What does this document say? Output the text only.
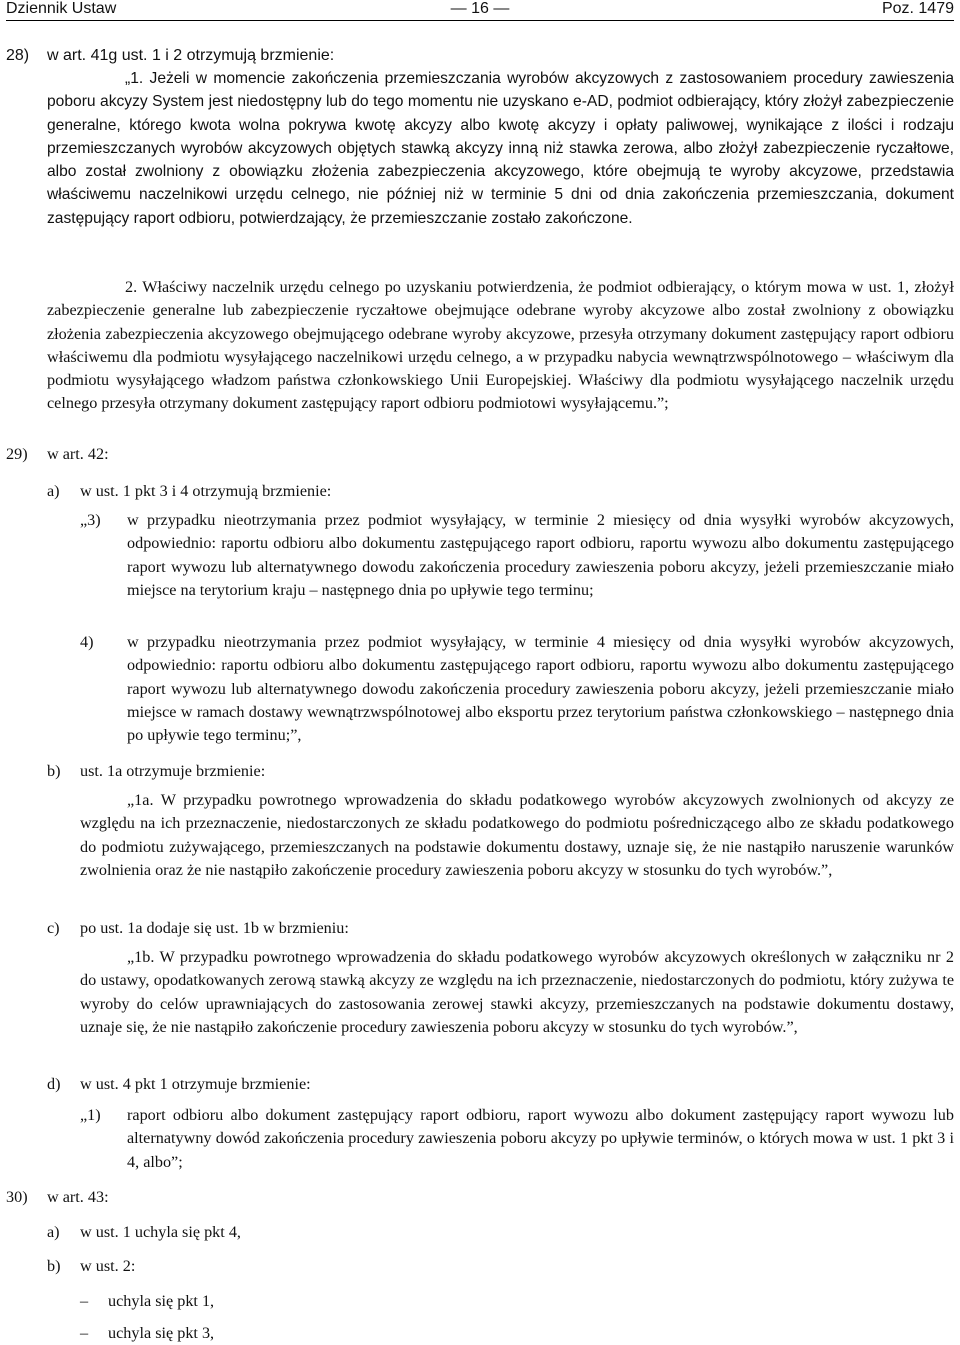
Dziennik Ustaw	— 16 —	Poz. 1479
28) w art. 41g ust. 1 i 2 otrzymują brzmienie:
„1. Jeżeli w momencie zakończenia przemieszczania wyrobów akcyzowych z zastosowaniem procedury zawieszenia poboru akcyzy System jest niedostępny lub do tego momentu nie uzyskano e-AD, podmiot odbierający, który złożył zabezpieczenie generalne, którego kwota wolna pokrywa kwotę akcyzy albo kwotę akcyzy i opłaty paliwowej, wynikające z ilości i rodzaju przemieszczanych wyrobów akcyzowych objętych stawką akcyzy inną niż stawka zerowa, albo złożył zabezpieczenie ryczałtowe, albo został zwolniony z obowiązku złożenia zabezpieczenia akcyzowego, które obejmują te wyroby akcyzowe, przedstawia właściwemu naczelnikowi urzędu celnego, nie później niż w terminie 5 dni od dnia zakończenia przemieszczania, dokument zastępujący raport odbioru, potwierdzający, że przemieszczanie zostało zakończone.
2. Właściwy naczelnik urzędu celnego po uzyskaniu potwierdzenia, że podmiot odbierający, o którym mowa w ust. 1, złożył zabezpieczenie generalne lub zabezpieczenie ryczałtowe obejmujące odebrane wyroby akcyzowe albo został zwolniony z obowiązku złożenia zabezpieczenia akcyzowego obejmującego odebrane wyroby akcyzowe, przesyła otrzymany dokument zastępujący raport odbioru właściwemu dla podmiotu wysyłającego naczelnikowi urzędu celnego, a w przypadku nabycia wewnątrzwspólnotowego – właściwym dla podmiotu wysyłającego władzom państwa członkowskiego Unii Europejskiej. Właściwy dla podmiotu wysyłającego naczelnik urzędu celnego przesyła otrzymany dokument zastępujący raport odbioru podmiotowi wysyłającemu.”;
29) w art. 42:
a) w ust. 1 pkt 3 i 4 otrzymują brzmienie:
„3) w przypadku nieotrzymania przez podmiot wysyłający, w terminie 2 miesięcy od dnia wysyłki wyrobów akcyzowych, odpowiednio: raportu odbioru albo dokumentu zastępującego raport odbioru, raportu wywozu albo dokumentu zastępującego raport wywozu lub alternatywnego dowodu zakończenia procedury zawieszenia poboru akcyzy, jeżeli przemieszczanie miało miejsce na terytorium kraju – następnego dnia po upływie tego terminu;
4) w przypadku nieotrzymania przez podmiot wysyłający, w terminie 4 miesięcy od dnia wysyłki wyrobów akcyzowych, odpowiednio: raportu odbioru albo dokumentu zastępującego raport odbioru, raportu wywozu albo dokumentu zastępującego raport wywozu lub alternatywnego dowodu zakończenia procedury zawieszenia poboru akcyzy, jeżeli przemieszczanie miało miejsce w ramach dostawy wewnątrzwspólnotowej albo eksportu przez terytorium państwa członkowskiego – następnego dnia po upływie tego terminu;”,
b) ust. 1a otrzymuje brzmienie:
„1a. W przypadku powrotnego wprowadzenia do składu podatkowego wyrobów akcyzowych zwolnionych od akcyzy ze względu na ich przeznaczenie, niedostarczonych ze składu podatkowego do podmiotu pośredniczącego albo ze składu podatkowego do podmiotu zużywającego, przemieszczanych na podstawie dokumentu dostawy, uznaje się, że nie nastąpiło naruszenie warunków zwolnienia oraz że nie nastąpiło zakończenie procedury zawieszenia poboru akcyzy w stosunku do tych wyrobów.”,
c) po ust. 1a dodaje się ust. 1b w brzmieniu:
„1b. W przypadku powrotnego wprowadzenia do składu podatkowego wyrobów akcyzowych określonych w załączniku nr 2 do ustawy, opodatkowanych zerową stawką akcyzy ze względu na ich przeznaczenie, niedostarczonych do podmiotu, który zużywa te wyroby do celów uprawniających do zastosowania zerowej stawki akcyzy, przemieszczanych na podstawie dokumentu dostawy, uznaje się, że nie nastąpiło zakończenie procedury zawieszenia poboru akcyzy w stosunku do tych wyrobów.”,
d) w ust. 4 pkt 1 otrzymuje brzmienie:
„1) raport odbioru albo dokument zastępujący raport odbioru, raport wywozu albo dokument zastępujący raport wywozu lub alternatywny dowód zakończenia procedury zawieszenia poboru akcyzy po upływie terminów, o których mowa w ust. 1 pkt 3 i 4, albo”;
30) w art. 43:
a) w ust. 1 uchyla się pkt 4,
b) w ust. 2:
– uchyla się pkt 1,
– uchyla się pkt 3,
